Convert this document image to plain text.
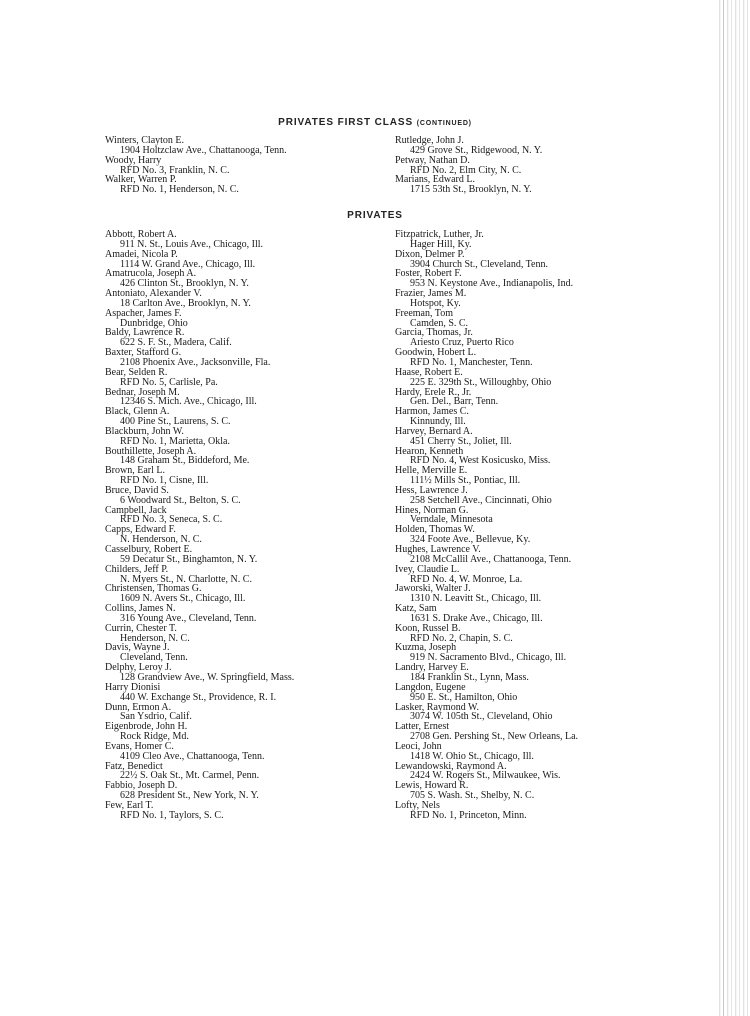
PRIVATES FIRST CLASS (CONTINUED)
Winters, Clayton E.
1904 Holtzclaw Ave., Chattanooga, Tenn.
Woody, Harry
RFD No. 3, Franklin, N. C.
Walker, Warren P.
RFD No. 1, Henderson, N. C.
Rutledge, John J.
429 Grove St., Ridgewood, N. Y.
Petway, Nathan D.
RFD No. 2, Elm City, N. C.
Marians, Edward L.
1715 53th St., Brooklyn, N. Y.
PRIVATES
Abbott, Robert A.
911 N. St., Louis Ave., Chicago, Ill.
Amadei, Nicola P.
1114 W. Grand Ave., Chicago, Ill.
Amatrucola, Joseph A.
426 Clinton St., Brooklyn, N. Y.
Antoniato, Alexander V.
18 Carlton Ave., Brooklyn, N. Y.
Aspacher, James F.
Dunbridge, Ohio
Baldy, Lawrence R.
622 S. F. St., Madera, Calif.
Baxter, Stafford G.
2108 Phoenix Ave., Jacksonville, Fla.
Bear, Selden R.
RFD No. 5, Carlisle, Pa.
Bednar, Joseph M.
12346 S. Mich. Ave., Chicago, Ill.
Black, Glenn A.
400 Pine St., Laurens, S. C.
Blackburn, John W.
RFD No. 1, Marietta, Okla.
Bouthillette, Joseph A.
148 Graham St., Biddeford, Me.
Brown, Earl L.
RFD No. 1, Cisne, Ill.
Bruce, David S.
6 Woodward St., Belton, S. C.
Campbell, Jack
RFD No. 3, Seneca, S. C.
Capps, Edward F.
N. Henderson, N. C.
Casselbury, Robert E.
59 Decatur St., Binghamton, N. Y.
Childers, Jeff P.
N. Myers St., N. Charlotte, N. C.
Christensen, Thomas G.
1609 N. Avers St., Chicago, Ill.
Collins, James N.
316 Young Ave., Cleveland, Tenn.
Currin, Chester T.
Henderson, N. C.
Davis, Wayne J.
Cleveland, Tenn.
Delphy, Leroy J.
128 Grandview Ave., W. Springfield, Mass.
Harry Dionisi
440 W. Exchange St., Providence, R. I.
Dunn, Ermon A.
San Ysdrio, Calif.
Eigenbrode, John H.
Rock Ridge, Md.
Evans, Homer C.
4109 Cleo Ave., Chattanooga, Tenn.
Fatz, Benedict
22½ S. Oak St., Mt. Carmel, Penn.
Fabbio, Joseph D.
628 President St., New York, N. Y.
Few, Earl T.
RFD No. 1, Taylors, S. C.
Fitzpatrick, Luther, Jr.
Hager Hill, Ky.
Dixon, Delmer P.
3904 Church St., Cleveland, Tenn.
Foster, Robert F.
953 N. Keystone Ave., Indianapolis, Ind.
Frazier, James M.
Hotspot, Ky.
Freeman, Tom
Camden, S. C.
Garcia, Thomas, Jr.
Ariesto Cruz, Puerto Rico
Goodwin, Hobert L.
RFD No. 1, Manchester, Tenn.
Haase, Robert E.
225 E. 329th St., Willoughby, Ohio
Hardy, Erele R., Jr.
Gen. Del., Barr, Tenn.
Harmon, James C.
Kinnundy, Ill.
Harvey, Bernard A.
451 Cherry St., Joliet, Ill.
Hearon, Kenneth
RFD No. 4, West Kosicusko, Miss.
Helle, Merville E.
111½ Mills St., Pontiac, Ill.
Hess, Lawrence J.
258 Setchell Ave., Cincinnati, Ohio
Hines, Norman G.
Verndale, Minnesota
Holden, Thomas W.
324 Foote Ave., Bellevue, Ky.
Hughes, Lawrence V.
2108 McCallil Ave., Chattanooga, Tenn.
Ivey, Claudie L.
RFD No. 4, W. Monroe, La.
Jaworski, Walter J.
1310 N. Leavitt St., Chicago, Ill.
Katz, Sam
1631 S. Drake Ave., Chicago, Ill.
Koon, Russel B.
RFD No. 2, Chapin, S. C.
Kuzma, Joseph
919 N. Sacramento Blvd., Chicago, Ill.
Landry, Harvey E.
184 Franklin St., Lynn, Mass.
Langdon, Eugene
950 E. St., Hamilton, Ohio
Lasker, Raymond W.
3074 W. 105th St., Cleveland, Ohio
Latter, Ernest
2708 Gen. Pershing St., New Orleans, La.
Leoci, John
1418 W. Ohio St., Chicago, Ill.
Lewandowski, Raymond A.
2424 W. Rogers St., Milwaukee, Wis.
Lewis, Howard R.
705 S. Wash. St., Shelby, N. C.
Lofty, Nels
RFD No. 1, Princeton, Minn.
